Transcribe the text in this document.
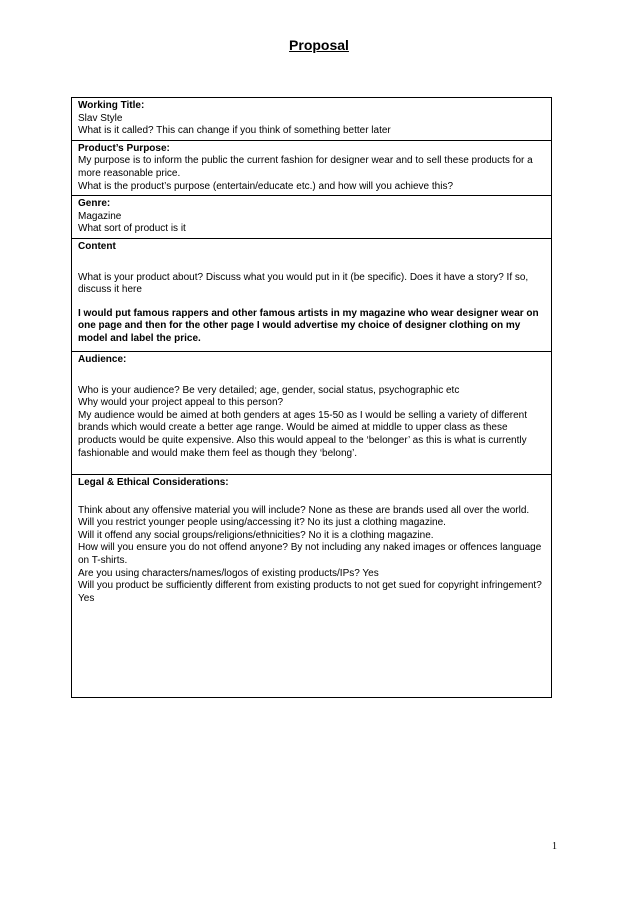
Proposal
Working Title:
Slav Style
What is it called? This can change if you think of something better later

Product’s Purpose:
My purpose is to inform the public the current fashion for designer wear and to sell these products for a more reasonable price.
What is the product’s purpose (entertain/educate etc.) and how will you achieve this?

Genre:
Magazine
What sort of product is it

Content
What is your product about? Discuss what you would put in it (be specific). Does it have a story? If so, discuss it here
I would put famous rappers and other famous artists in my magazine who wear designer wear on one page and then for the other page I would advertise my choice of designer clothing on my model and label the price.

Audience:
Who is your audience? Be very detailed; age, gender, social status, psychographic etc
Why would your project appeal to this person?
My audience would be aimed at both genders at ages 15-50 as I would be selling a variety of different brands which would create a better age range. Would be aimed at middle to upper class as these products would be quite expensive. Also this would appeal to the ‘belonger’ as this is what is currently fashionable and would make them feel as though they ‘belong’.

Legal & Ethical Considerations:
Think about any offensive material you will include? None as these are brands used all over the world.
Will you restrict younger people using/accessing it? No its just a clothing magazine.
Will it offend any social groups/religions/ethnicities? No it is a clothing magazine.
How will you ensure you do not offend anyone? By not including any naked images or offences language on T-shirts.
Are you using characters/names/logos of existing products/IPs? Yes
Will you product be sufficiently different from existing products to not get sued for copyright infringement?
Yes
1
